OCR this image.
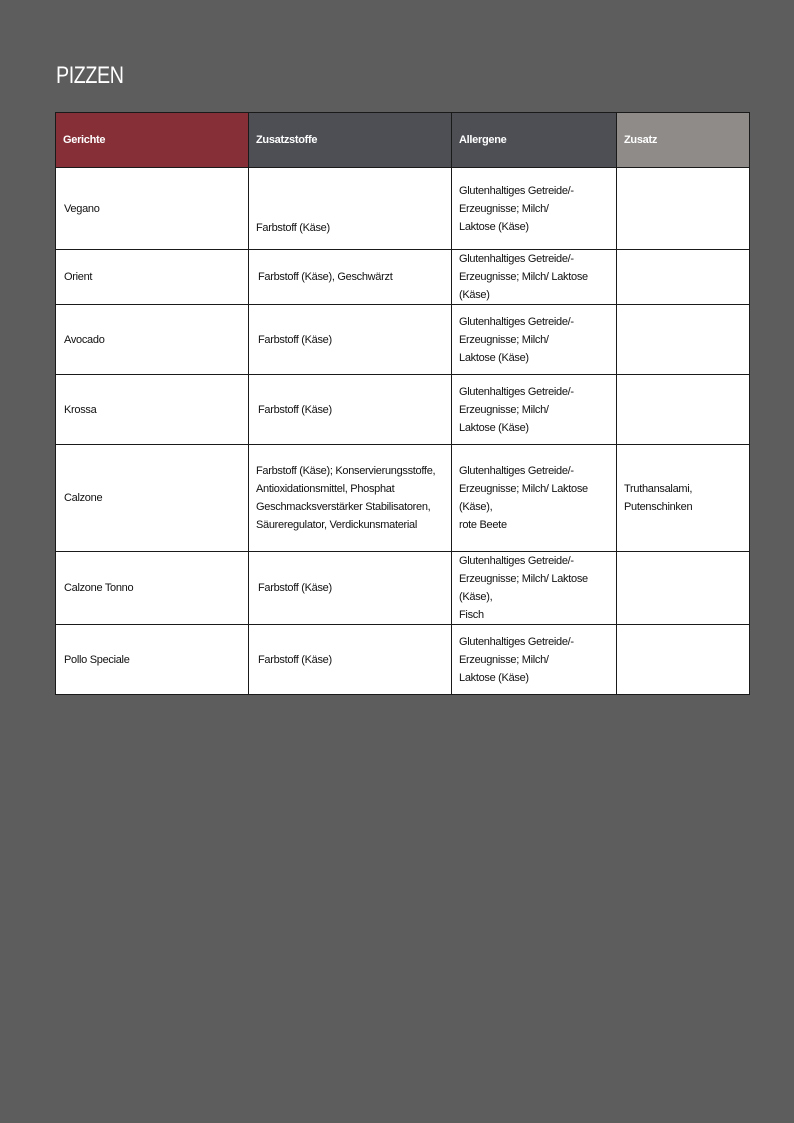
PIZZEN
Gerichte	Zusatzstoffe	Allergene	Zusatz
Vegano	Farbstoff (Käse)	Glutenhaltiges Getreide/-
Erzeugnisse; Milch/
Laktose (Käse)	

Orient	Farbstoff (Käse), Geschwärzt	Glutenhaltiges Getreide/-
Erzeugnisse; Milch/ Laktose (Käse)	

Avocado	Farbstoff (Käse)	Glutenhaltiges Getreide/-
Erzeugnisse; Milch/
Laktose (Käse)	

Krossa	Farbstoff (Käse)	Glutenhaltiges Getreide/-
Erzeugnisse; Milch/
Laktose (Käse)	

Calzone	Farbstoff (Käse); Konservierungsstoffe,
Antioxidationsmittel, Phosphat
Geschmacksverstärker Stabilisatoren,
Säureregulator, Verdickunsmaterial	Glutenhaltiges Getreide/-
Erzeugnisse; Milch/ Laktose (Käse),
rote Beete	Truthansalami,
Putenschinken

Calzone Tonno	Farbstoff (Käse)	Glutenhaltiges Getreide/-
Erzeugnisse; Milch/ Laktose (Käse),
Fisch	

Pollo Speciale	Farbstoff (Käse)	Glutenhaltiges Getreide/-
Erzeugnisse; Milch/
Laktose (Käse)	
